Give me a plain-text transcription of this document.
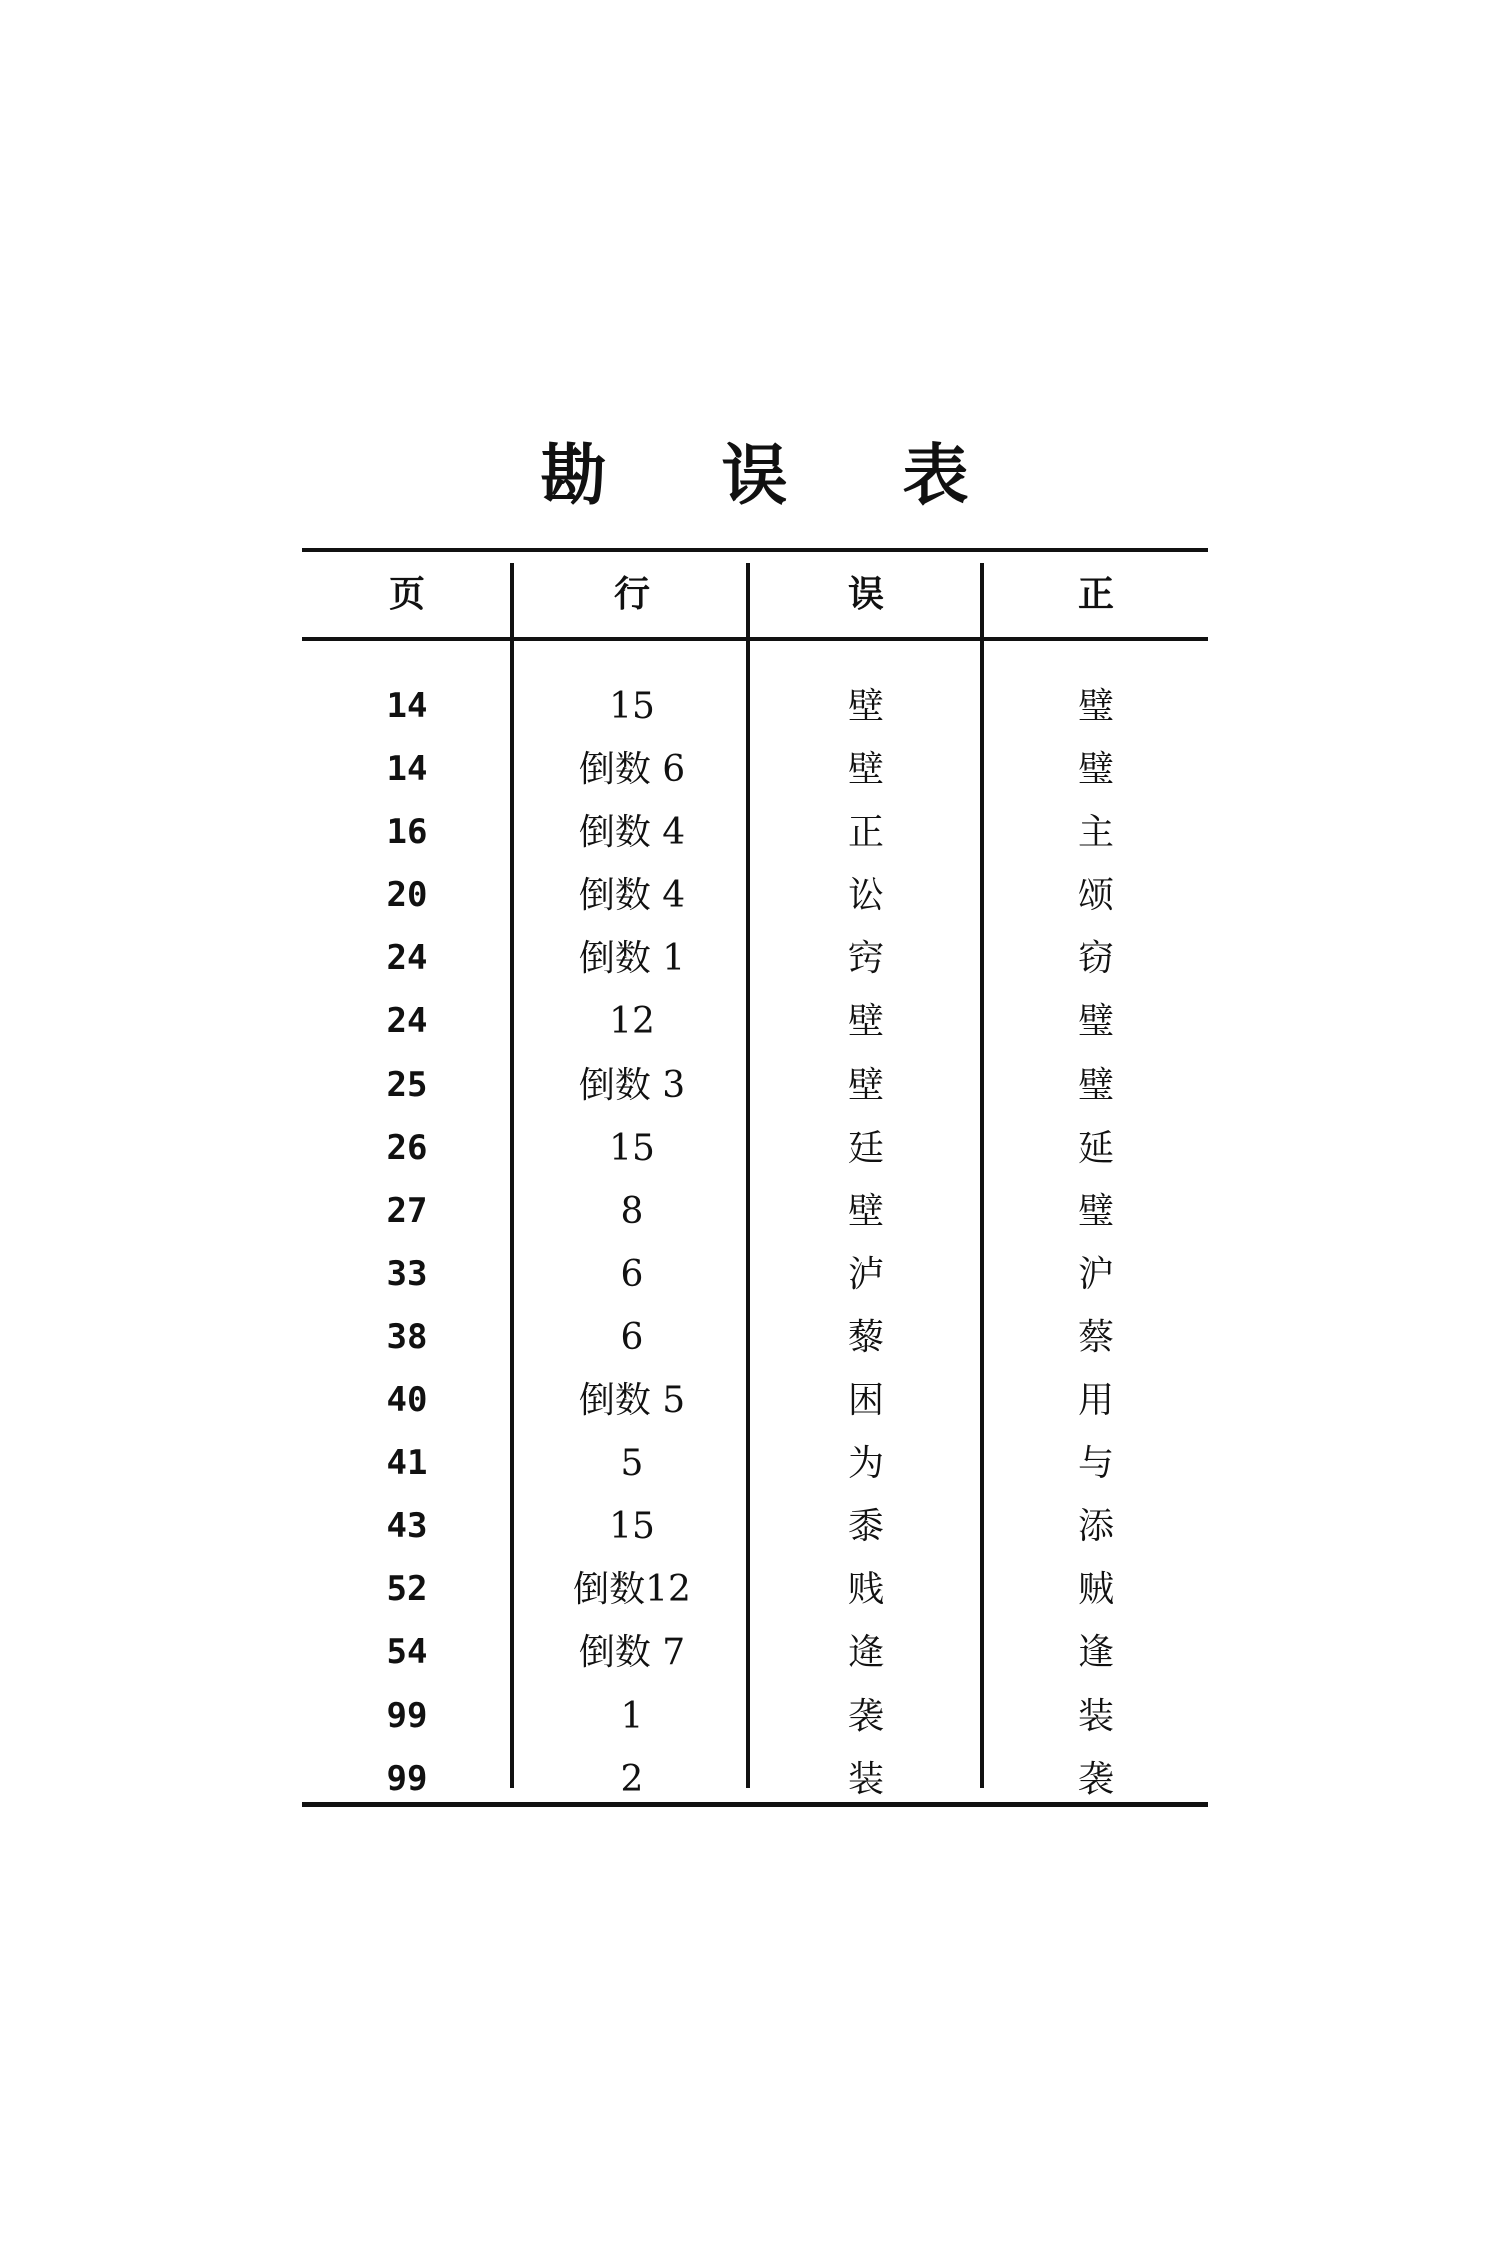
勘 误 表
页	行	误	正
14	15	壁	璧
14	倒数 6	壁	璧
16	倒数 4	正	主
20	倒数 4	讼	颂
24	倒数 1	窍	窃
24	12	壁	璧
25	倒数 3	壁	璧
26	15	廷	延
27	8	壁	璧
33	6	泸	沪
38	6	藜	蔡
40	倒数 5	困	用
41	5	为	与
43	15	黍	添
52	倒数12	贱	贼
54	倒数 7	逄	逢
99	1	袭	装
99	2	装	袭
